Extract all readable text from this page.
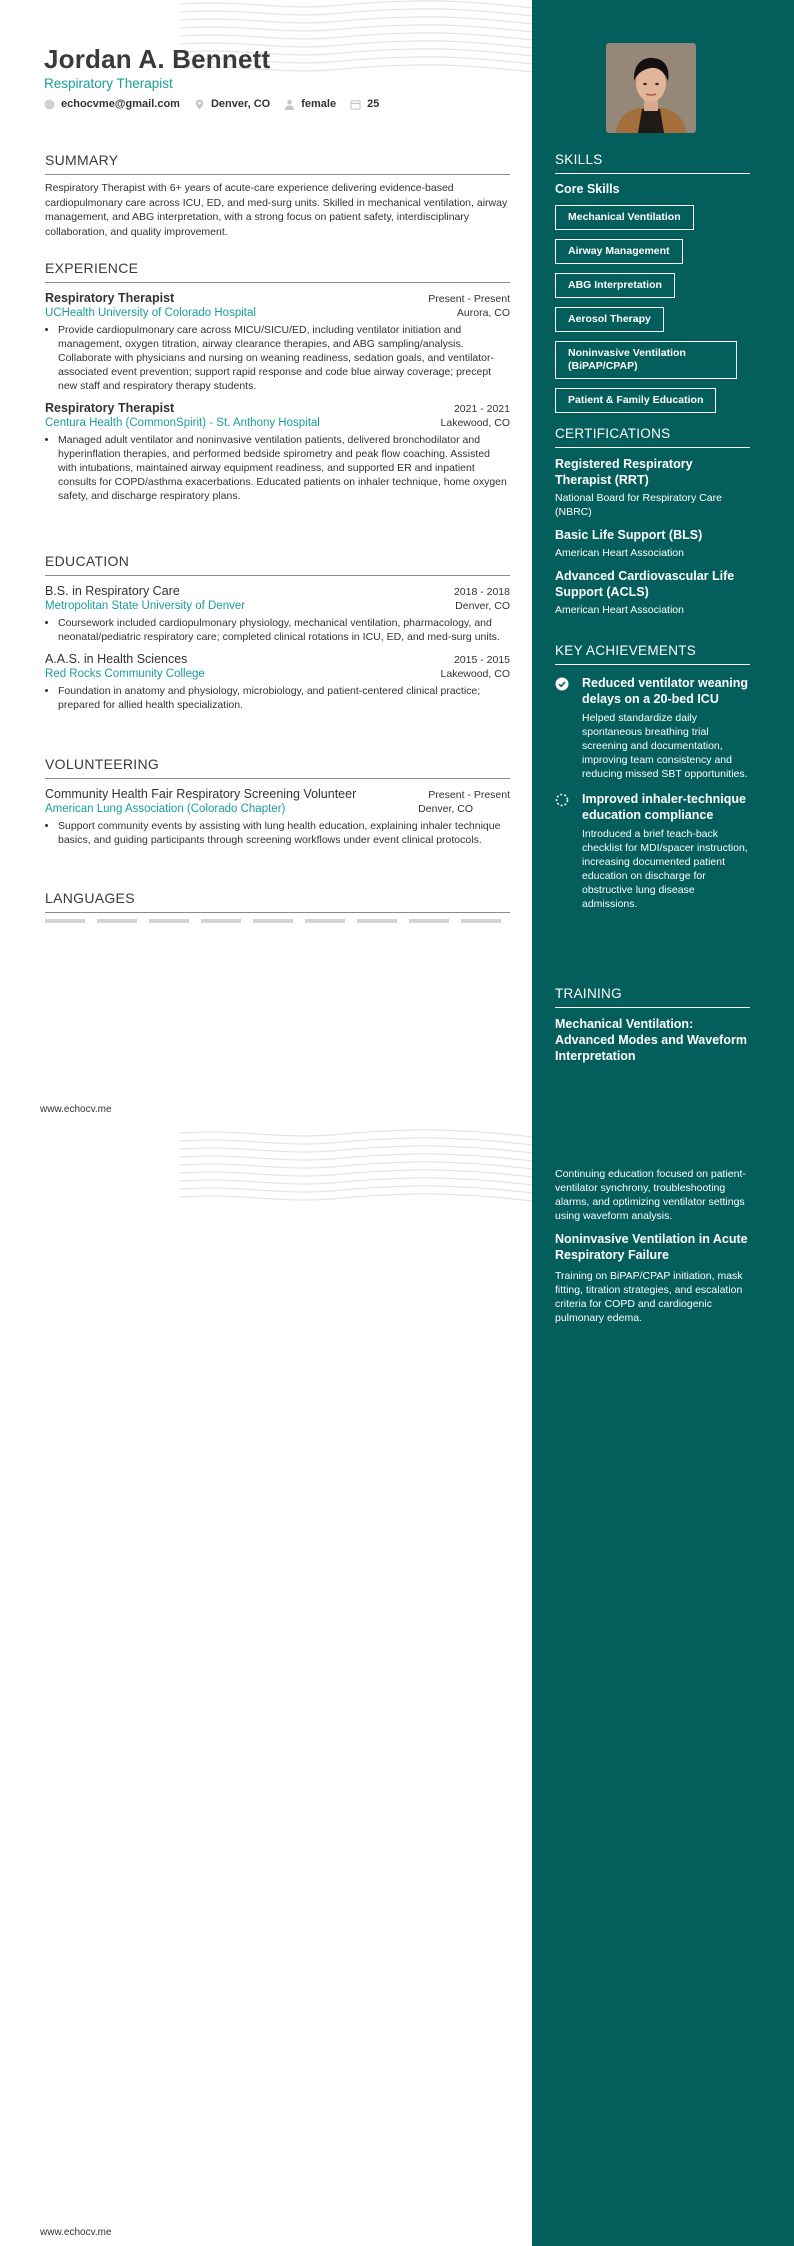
Jordan A. Bennett
Respiratory Therapist
echocvme@gmail.com	Denver, CO	female	25
SUMMARY
Respiratory Therapist with 6+ years of acute-care experience delivering evidence-based cardiopulmonary care across ICU, ED, and med-surg units. Skilled in mechanical ventilation, airway management, and ABG interpretation, with a strong focus on patient safety, interdisciplinary collaboration, and quality improvement.
EXPERIENCE
Respiratory Therapist	Present - Present
UCHealth University of Colorado Hospital	Aurora, CO
• Provide cardiopulmonary care across MICU/SICU/ED, including ventilator initiation and management, oxygen titration, airway clearance therapies, and ABG sampling/analysis. Collaborate with physicians and nursing on weaning readiness, sedation goals, and ventilator-associated event prevention; support rapid response and code blue airway coverage; precept new staff and respiratory therapy students.
Respiratory Therapist	2021 - 2021
Centura Health (CommonSpirit) - St. Anthony Hospital	Lakewood, CO
• Managed adult ventilator and noninvasive ventilation patients, delivered bronchodilator and hyperinflation therapies, and performed bedside spirometry and peak flow coaching. Assisted with intubations, maintained airway equipment readiness, and supported ER and inpatient consults for COPD/asthma exacerbations. Educated patients on inhaler technique, home oxygen safety, and discharge respiratory plans.
EDUCATION
B.S. in Respiratory Care	2018 - 2018
Metropolitan State University of Denver	Denver, CO
• Coursework included cardiopulmonary physiology, mechanical ventilation, pharmacology, and neonatal/pediatric respiratory care; completed clinical rotations in ICU, ED, and med-surg units.
A.A.S. in Health Sciences	2015 - 2015
Red Rocks Community College	Lakewood, CO
• Foundation in anatomy and physiology, microbiology, and patient-centered clinical practice; prepared for allied health specialization.
VOLUNTEERING
Community Health Fair Respiratory Screening Volunteer	Present - Present
American Lung Association (Colorado Chapter)	Denver, CO
• Support community events by assisting with lung health education, explaining inhaler technique basics, and guiding participants through screening workflows under event clinical protocols.
LANGUAGES
www.echocv.me
SKILLS
Core Skills
Mechanical Ventilation
Airway Management
ABG Interpretation
Aerosol Therapy
Noninvasive Ventilation (BiPAP/CPAP)
Patient & Family Education
CERTIFICATIONS
Registered Respiratory Therapist (RRT)
National Board for Respiratory Care (NBRC)
Basic Life Support (BLS)
American Heart Association
Advanced Cardiovascular Life Support (ACLS)
American Heart Association
KEY ACHIEVEMENTS
Reduced ventilator weaning delays on a 20-bed ICU
Helped standardize daily spontaneous breathing trial screening and documentation, improving team consistency and reducing missed SBT opportunities.
Improved inhaler-technique education compliance
Introduced a brief teach-back checklist for MDI/spacer instruction, increasing documented patient education on discharge for obstructive lung disease admissions.
TRAINING
Mechanical Ventilation: Advanced Modes and Waveform Interpretation
Continuing education focused on patient-ventilator synchrony, troubleshooting alarms, and optimizing ventilator settings using waveform analysis.
Noninvasive Ventilation in Acute Respiratory Failure
Training on BiPAP/CPAP initiation, mask fitting, titration strategies, and escalation criteria for COPD and cardiogenic pulmonary edema.
www.echocv.me
